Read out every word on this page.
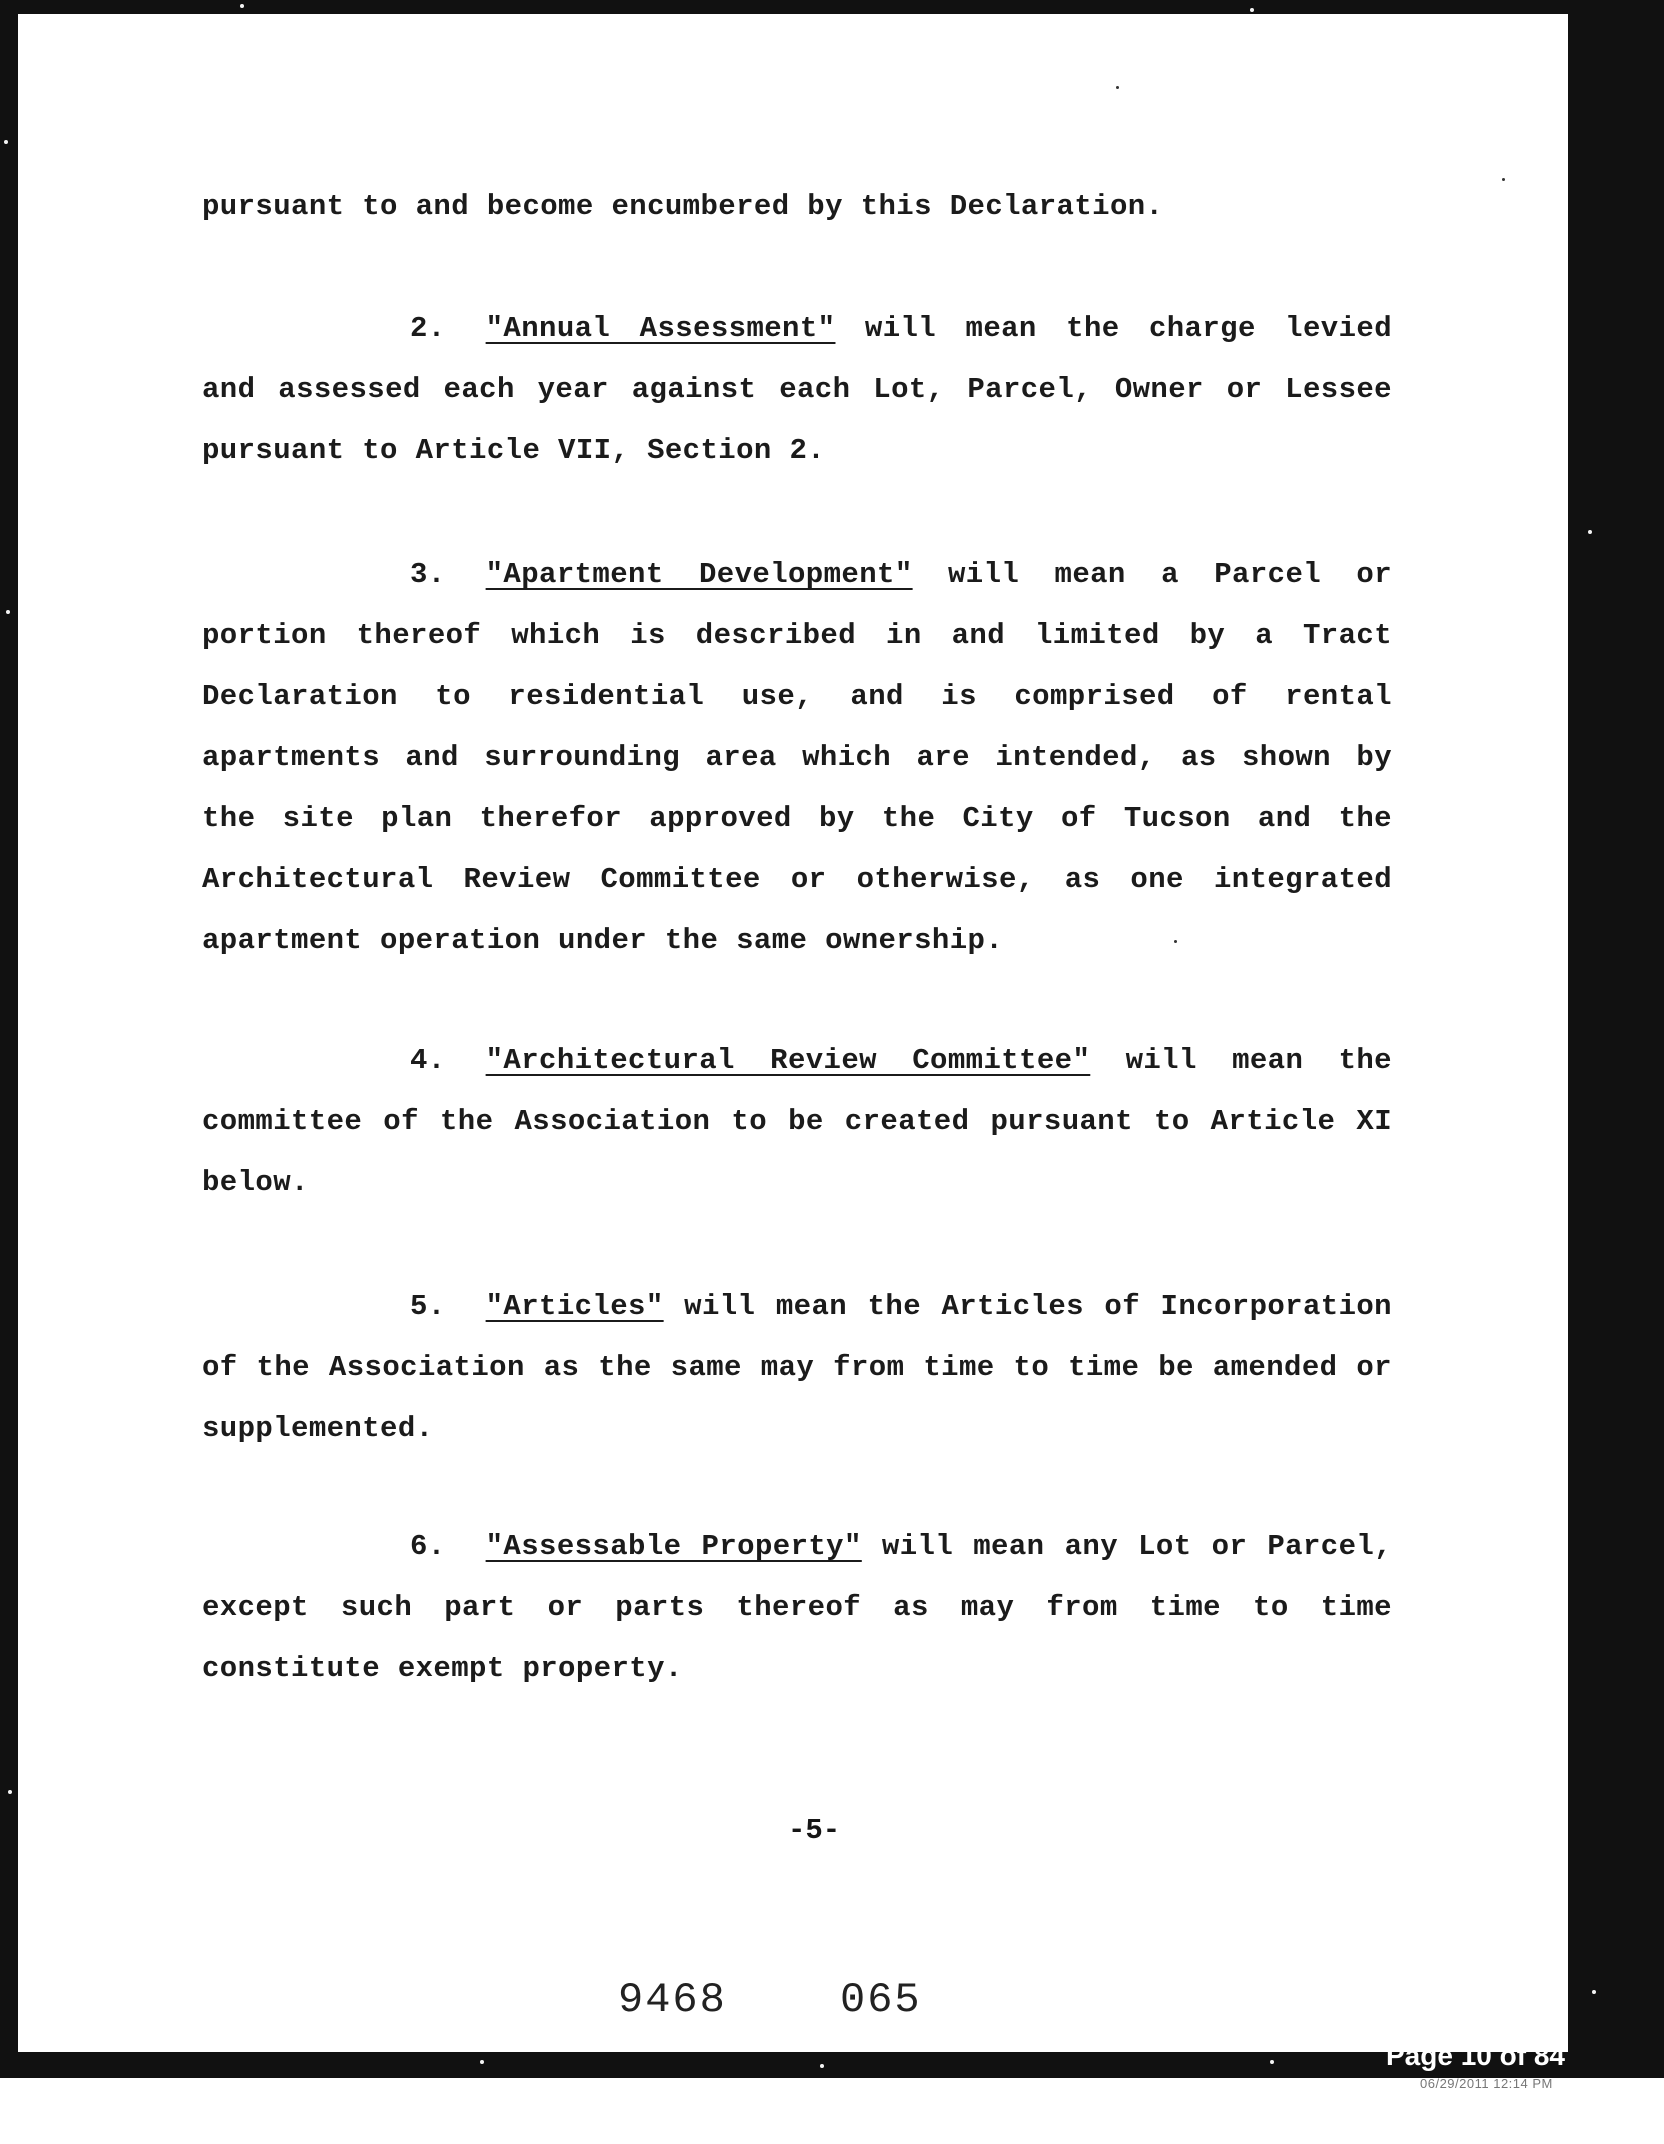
pursuant to and become encumbered by this Declaration.
2. "Annual Assessment" will mean the charge levied and assessed each year against each Lot, Parcel, Owner or Lessee pursuant to Article VII, Section 2.
3. "Apartment Development" will mean a Parcel or portion thereof which is described in and limited by a Tract Declaration to residential use, and is comprised of rental apartments and surrounding area which are intended, as shown by the site plan therefor approved by the City of Tucson and the Architectural Review Committee or otherwise, as one integrated apartment operation under the same ownership.
4. "Architectural Review Committee" will mean the committee of the Association to be created pursuant to Article XI below.
5. "Articles" will mean the Articles of Incorporation of the Association as the same may from time to time be amended or supplemented.
6. "Assessable Property" will mean any Lot or Parcel, except such part or parts thereof as may from time to time constitute exempt property.
-5-
9468	065
Page 10 of 84
06/29/2011 12:14 PM
